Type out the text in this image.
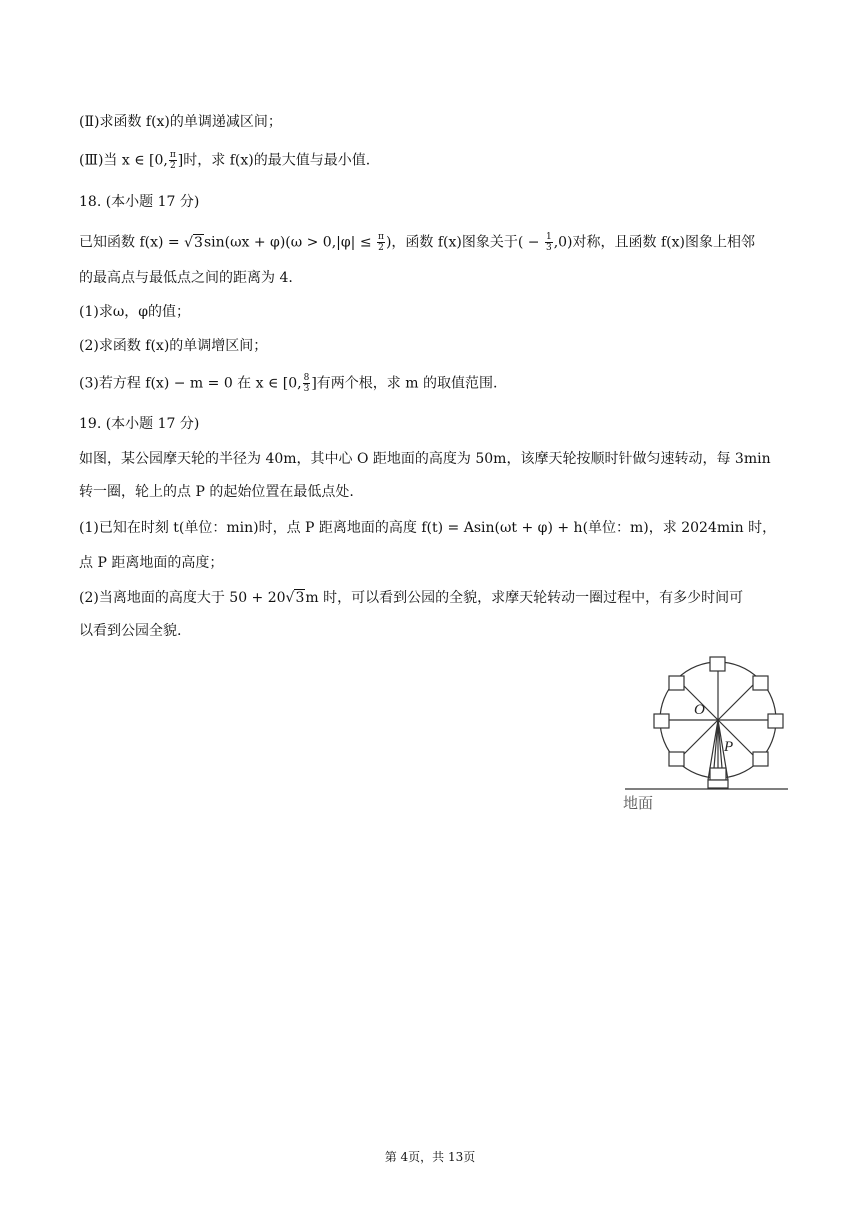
(Ⅱ)求函数 f(x)的单调递减区间；
(Ⅲ)当 x ∈ [0, $\frac{\pi}{2}$ ]时，求 f(x)的最大值与最小值.
18. (本小题 17 分)
已知函数 $f(x) = √3\sin(\omega x + \varphi)(\omega > 0,|\varphi| \le \frac{\pi}{2}$ )，函数 f(x)图象关于( − $\frac{1}{3} ,0$)对称，且函数 f(x)图象上相邻
的最高点与最低点之间的距离为 4.
(1)求ω，φ的值；
(2)求函数 f(x)的单调增区间；
(3)若方程 f(x) − m = 0 在 x ∈ [0, $\frac{8}{3}$ ]有两个根，求 m 的取值范围.
19. (本小题 17 分)
如图，某公园摩天轮的半径为 40m，其中心 O 距地面的高度为 50m，该摩天轮按顺时针做匀速转动，每 3min
转一圈，轮上的点 P 的起始位置在最低点处.
(1)已知在时刻 t(单位：min)时，点 P 距离地面的高度 f(t) = Asin(ωt + φ) + h(单位：m)，求 2024min 时，
点 P 距离地面的高度；
(2)当离地面的高度大于 50 + 20√3m 时，可以看到公园的全貌，求摩天轮转动一圈过程中，有多少时间可
以看到公园全貌.
O
P
地面
第 4页，共 13页
